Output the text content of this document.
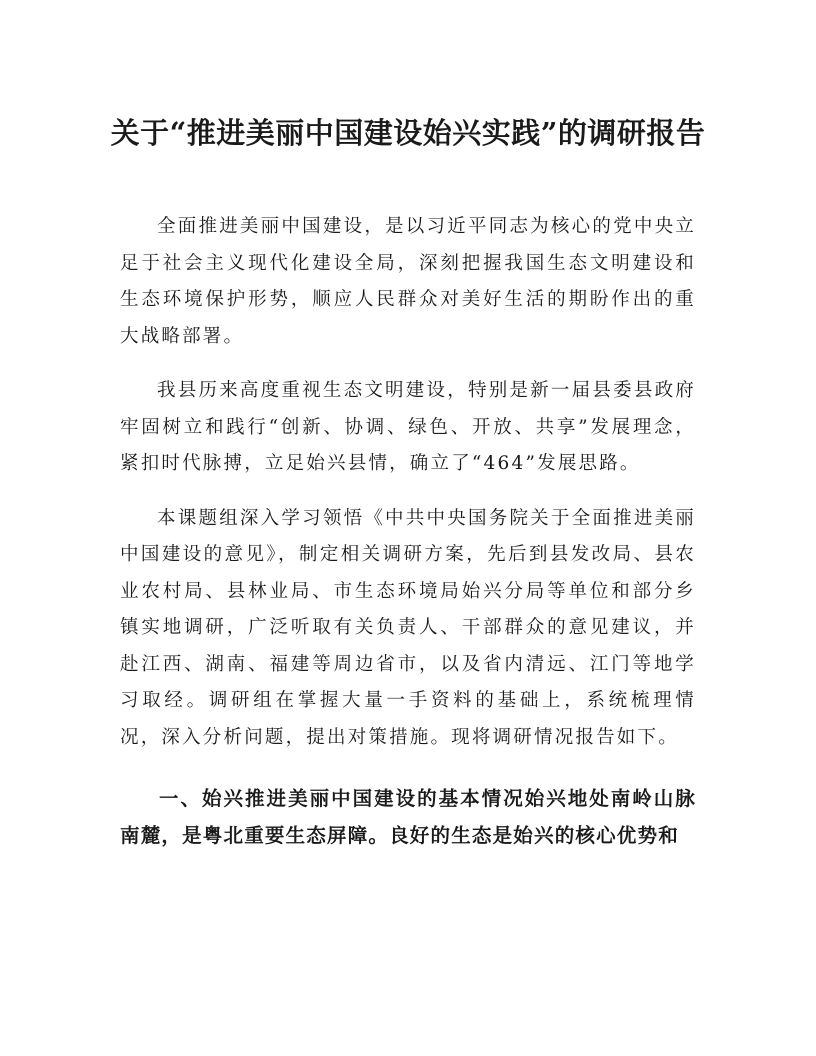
关于“推进美丽中国建设始兴实践”的调研报告

全面推进美丽中国建设，是以习近平同志为核心的党中央立足于社会主义现代化建设全局，深刻把握我国生态文明建设和生态环境保护形势，顺应人民群众对美好生活的期盼作出的重大战略部署。

我县历来高度重视生态文明建设，特别是新一届县委县政府牢固树立和践行“创新、协调、绿色、开放、共享”发展理念，紧扣时代脉搏，立足始兴县情，确立了“464”发展思路。

本课题组深入学习领悟《中共中央国务院关于全面推进美丽中国建设的意见》，制定相关调研方案，先后到县发改局、县农业农村局、县林业局、市生态环境局始兴分局等单位和部分乡镇实地调研，广泛听取有关负责人、干部群众的意见建议，并赴江西、湖南、福建等周边省市，以及省内清远、江门等地学习取经。调研组在掌握大量一手资料的基础上，系统梳理情况，深入分析问题，提出对策措施。现将调研情况报告如下。

一、始兴推进美丽中国建设的基本情况始兴地处南岭山脉南麓，是粤北重要生态屏障。良好的生态是始兴的核心优势和
